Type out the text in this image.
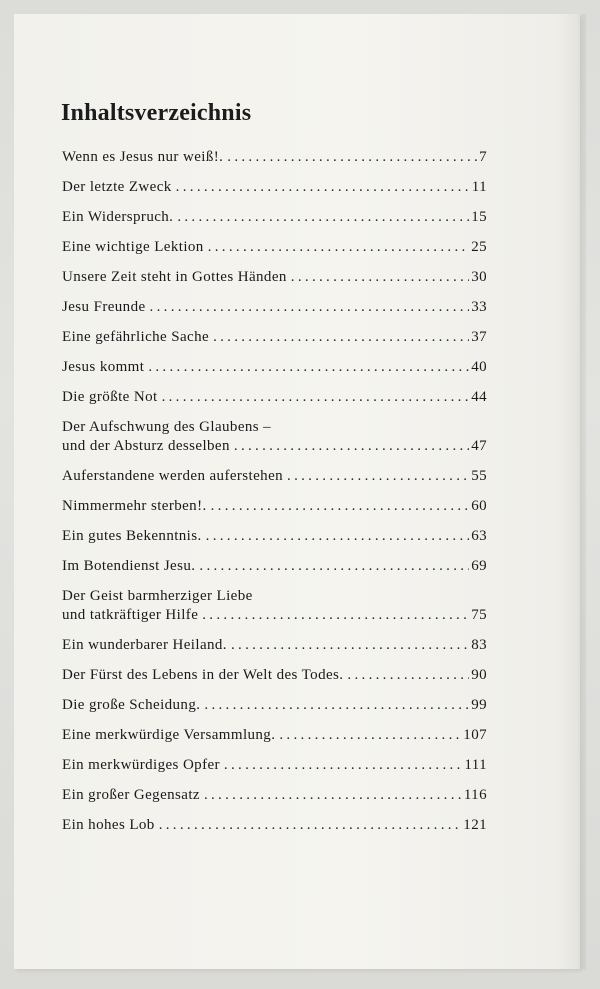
Inhaltsverzeichnis
Wenn es Jesus nur weiß!. .....	7
Der letzte Zweck .....	11
Ein Widerspruch. .....	15
Eine wichtige Lektion .....	25
Unsere Zeit steht in Gottes Händen .....	30
Jesu Freunde .....	33
Eine gefährliche Sache .....	37
Jesus kommt .....	40
Die größte Not .....	44
Der Aufschwung des Glaubens –
und der Absturz desselben .....	47
Auferstandene werden auferstehen .....	55
Nimmermehr sterben!. .....	60
Ein gutes Bekenntnis. .....	63
Im Botendienst Jesu. .....	69
Der Geist barmherziger Liebe
und tatkräftiger Hilfe .....	75
Ein wunderbarer Heiland. .....	83
Der Fürst des Lebens in der Welt des Todes. .....	90
Die große Scheidung. .....	99
Eine merkwürdige Versammlung. .....	107
Ein merkwürdiges Opfer .....	111
Ein großer Gegensatz .....	116
Ein hohes Lob .....	121
